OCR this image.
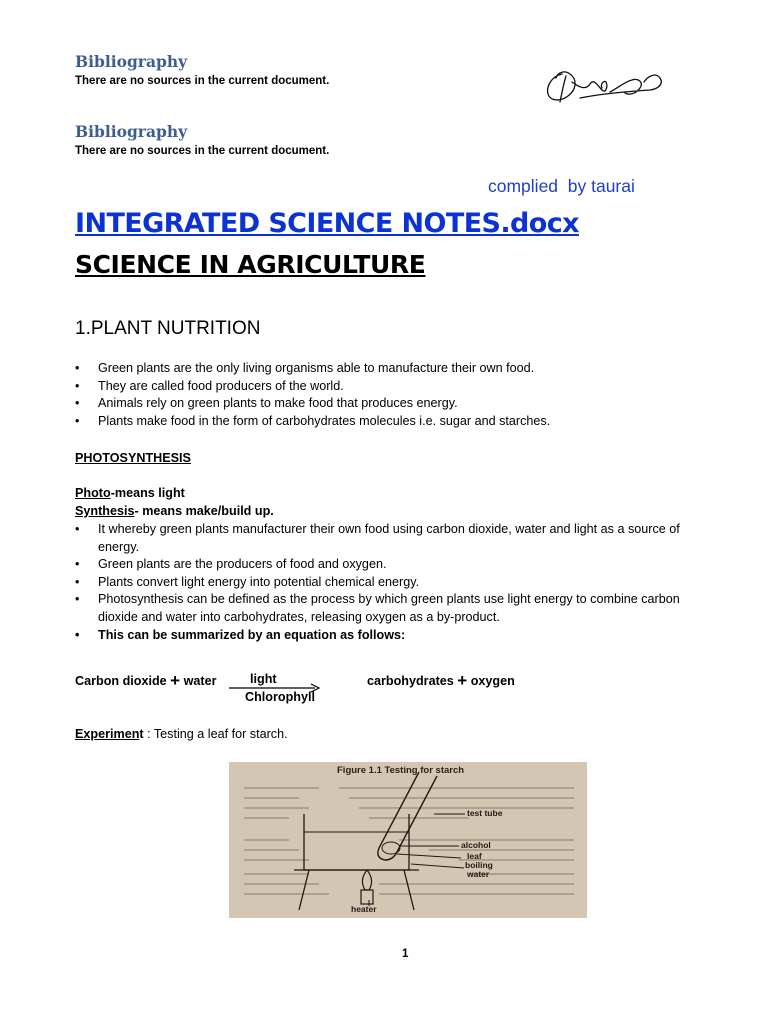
Bibliography
There are no sources in the current document.
Bibliography
There are no sources in the current document.
complied  by taurai
INTEGRATED SCIENCE NOTES.docx
SCIENCE IN AGRICULTURE
1.PLANT NUTRITION
• Green plants are the only living organisms able to manufacture their own food.
• They are called food producers of the world.
• Animals rely on green plants to make food that produces energy.
• Plants make food in the form of carbohydrates molecules i.e. sugar and starches.
PHOTOSYNTHESIS
Photo-means light
Synthesis- means make/build up.
• It whereby green plants manufacturer their own food using carbon dioxide, water and light as a source of energy.
• Green plants are the producers of food and oxygen.
• Plants convert light energy into potential chemical energy.
• Photosynthesis can be defined as the process by which green plants use light energy to combine carbon dioxide and water into carbohydrates, releasing oxygen as a by-product.
• This can be summarized by an equation as follows:
Carbon dioxide + water	light
Chlorophyll
carbohydrates + oxygen
Experiment : Testing a leaf for starch.
Figure 1.1 Testing for starch
test tube
alcohol
leaf
boiling
water
heater
1
